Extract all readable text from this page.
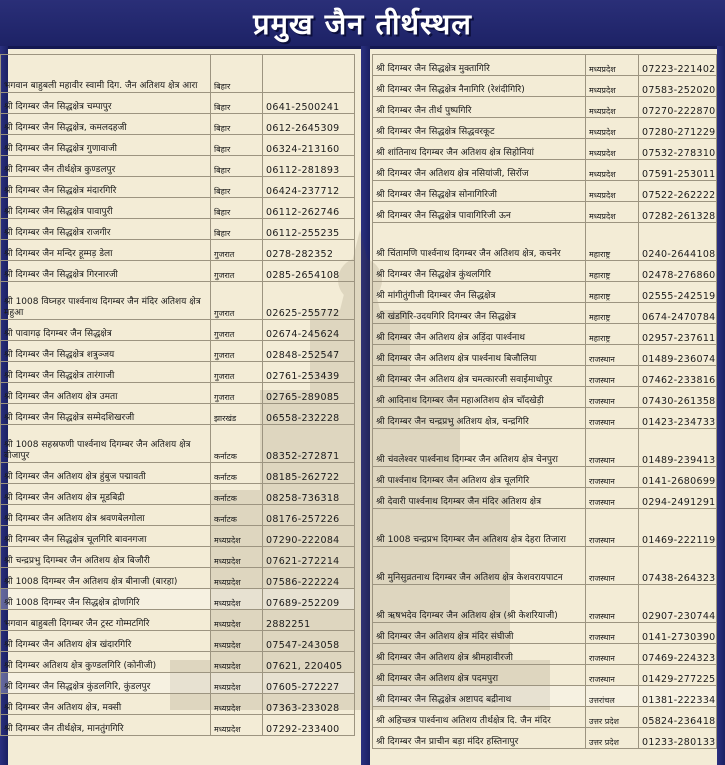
प्रमुख जैन तीर्थस्थल
भगवान बाहुबली महावीर स्वामी दिग. जैन अतिशय क्षेत्र आरा	बिहार	
श्री दिगम्बर जैन सिद्धक्षेत्र चम्पापुर	बिहार	0641-2500241
श्री दिगम्बर जैन सिद्धक्षेत्र, कमलदहजी	बिहार	0612-2645309
श्री दिगम्बर जैन सिद्धक्षेत्र गुणावाजी	बिहार	06324-213160
श्री दिगम्बर जैन तीर्थक्षेत्र कुण्डलपुर	बिहार	06112-281893
श्री दिगम्बर जैन सिद्धक्षेत्र मंदारगिरि	बिहार	06424-237712
श्री दिगम्बर जैन सिद्धक्षेत्र पावापुरी	बिहार	06112-262746
श्री दिगम्बर जैन सिद्धक्षेत्र राजगीर	बिहार	06112-255235
श्री दिगम्बर जैन मन्दिर हूम्मड़ डेला	गुजरात	0278-282352
श्री दिगम्बर जैन सिद्धक्षेत्र गिरनारजी	गुजरात	0285-2654108
श्री 1008 विघ्नहर पार्श्वनाथ दिगम्बर जैन मंदिर अतिशय क्षेत्र महुआ	गुजरात	02625-255772
श्री पावागढ़ दिगम्बर जैन सिद्धक्षेत्र	गुजरात	02674-245624
श्री दिगम्बर जैन सिद्धक्षेत्र शत्रुञ्जय	गुजरात	02848-252547
श्री दिगम्बर जैन सिद्धक्षेत्र तारंगाजी	गुजरात	02761-253439
श्री दिगम्बर जैन अतिशय क्षेत्र उमता	गुजरात	02765-289085
श्री दिगम्बर जैन सिद्धक्षेत्र सम्मेदशिखरजी	झारखंड	06558-232228
श्री 1008 सहस्रफणी पार्श्वनाथ दिगम्बर जैन अतिशय क्षेत्र बीजापुर	कर्नाटक	08352-272871
श्री दिगम्बर जैन अतिशय क्षेत्र हुंबुज पद्मावती	कर्नाटक	08185-262722
श्री दिगम्बर जैन अतिशय क्षेत्र मूडबिद्री	कर्नाटक	08258-736318
श्री दिगम्बर जैन अतिशय क्षेत्र श्रवणबेलगोला	कर्नाटक	08176-257226
श्री दिगम्बर जैन सिद्धक्षेत्र चूलगिरि बावनगजा	मध्यप्रदेश	07290-222084
श्री चन्द्रप्रभु दिगम्बर जैन अतिशय क्षेत्र बिजौरी	मध्यप्रदेश	07621-272214
श्री 1008 दिगम्बर जैन अतिशय क्षेत्र बीनाजी (बारहा)	मध्यप्रदेश	07586-222224
श्री 1008 दिगम्बर जैन सिद्धक्षेत्र द्रोणगिरि	मध्यप्रदेश	07689-252209
भगवान बाहुबली दिगम्बर जैन ट्रस्ट गोम्मटगिरि	मध्यप्रदेश	2882251
श्री दिगम्बर जैन अतिशय क्षेत्र खंदारगिरि	मध्यप्रदेश	07547-243058
श्री दिगम्बर अतिशय क्षेत्र कुण्डलगिरि (कोनीजी)	मध्यप्रदेश	07621, 220405
श्री दिगम्बर जैन सिद्धक्षेत्र कुंडलगिरि, कुंडलपुर	मध्यप्रदेश	07605-272227
श्री दिगम्बर जैन अतिशय क्षेत्र, मक्सी	मध्यप्रदेश	07363-233028
श्री दिगम्बर जैन तीर्थक्षेत्र, मानतुंगगिरि	मध्यप्रदेश	07292-233400
श्री दिगम्बर जैन सिद्धक्षेत्र मुक्तागिरि	मध्यप्रदेश	07223-221402
श्री दिगम्बर जैन सिद्धक्षेत्र नैनागिरि (रेशंदीगिरि)	मध्यप्रदेश	07583-252020
श्री दिगम्बर जैन तीर्थ पुष्पगिरि	मध्यप्रदेश	07270-222870
श्री दिगम्बर जैन सिद्धक्षेत्र सिद्धवरकूट	मध्यप्रदेश	07280-271229
श्री शांतिनाथ दिगम्बर जैन अतिशय क्षेत्र सिहोनियां	मध्यप्रदेश	07532-278310
श्री दिगम्बर जैन अतिशय क्षेत्र नसियांजी, सिरोंज	मध्यप्रदेश	07591-253011
श्री दिगम्बर जैन सिद्धक्षेत्र सोनागिरिजी	मध्यप्रदेश	07522-262222
श्री दिगम्बर जैन सिद्धक्षेत्र पावागिरिजी ऊन	मध्यप्रदेश	07282-261328
श्री चिंतामणि पार्श्वनाथ दिगम्बर जैन अतिशय क्षेत्र, कचनेर	महाराष्ट्र	0240-2644108
श्री दिगम्बर जैन सिद्धक्षेत्र कुंथलगिरि	महाराष्ट्र	02478-276860
श्री मांगीतुंगीजी दिगम्बर जैन सिद्धक्षेत्र	महाराष्ट्र	02555-242519
श्री खंडगिरि-उदयगिरि दिगम्बर जैन सिद्धक्षेत्र	महाराष्ट्र	0674-2470784
श्री दिगम्बर जैन अतिशय क्षेत्र अड़िंदा पार्श्वनाथ	महाराष्ट्र	02957-237611
श्री दिगम्बर जैन अतिशय क्षेत्र पार्श्वनाथ बिजौलिया	राजस्थान	01489-236074
श्री दिगम्बर जैन अतिशय क्षेत्र चमत्कारजी सवाईमाधोपुर	राजस्थान	07462-233816
श्री आदिनाथ दिगम्बर जैन महाअतिशय क्षेत्र चाँदखेड़ी	राजस्थान	07430-261358
श्री दिगम्बर जैन चन्द्रप्रभु अतिशय क्षेत्र, चन्द्रगिरि	राजस्थान	01423-234733
श्री चंवलेश्वर पार्श्वनाथ दिगम्बर जैन अतिशय क्षेत्र चेनपुरा	राजस्थान	01489-239413
श्री पार्श्वनाथ दिगम्बर जैन अतिशय क्षेत्र चूलगिरि	राजस्थान	0141-2680699
श्री देवारी पार्श्वनाथ दिगम्बर जैन मंदिर अतिशय क्षेत्र	राजस्थान	0294-2491291
श्री 1008 चन्द्रप्रभ दिगम्बर जैन अतिशय क्षेत्र देहरा तिजारा	राजस्थान	01469-222119
श्री मुनिसुव्रतनाथ दिगम्बर जैन अतिशय क्षेत्र केशवरायपाटन	राजस्थान	07438-264323
श्री ऋषभदेव दिगम्बर जैन अतिशय क्षेत्र (श्री केशरियाजी)	राजस्थान	02907-230744
श्री दिगम्बर जैन अतिशय क्षेत्र मंदिर संघीजी	राजस्थान	0141-2730390
श्री दिगम्बर जैन अतिशय क्षेत्र श्रीमहावीरजी	राजस्थान	07469-224323
श्री दिगम्बर जैन अतिशय क्षेत्र पदमपुरा	राजस्थान	01429-277225
श्री दिगम्बर जैन सिद्धक्षेत्र अष्टापद बद्रीनाथ	उत्तरांचल	01381-222334
श्री अहिच्छत्र पार्श्वनाथ अतिशय तीर्थक्षेत्र दि. जैन मंदिर	उत्तर प्रदेश	05824-236418
श्री दिगम्बर जैन प्राचीन बड़ा मंदिर हस्तिनापुर	उत्तर प्रदेश	01233-280133
